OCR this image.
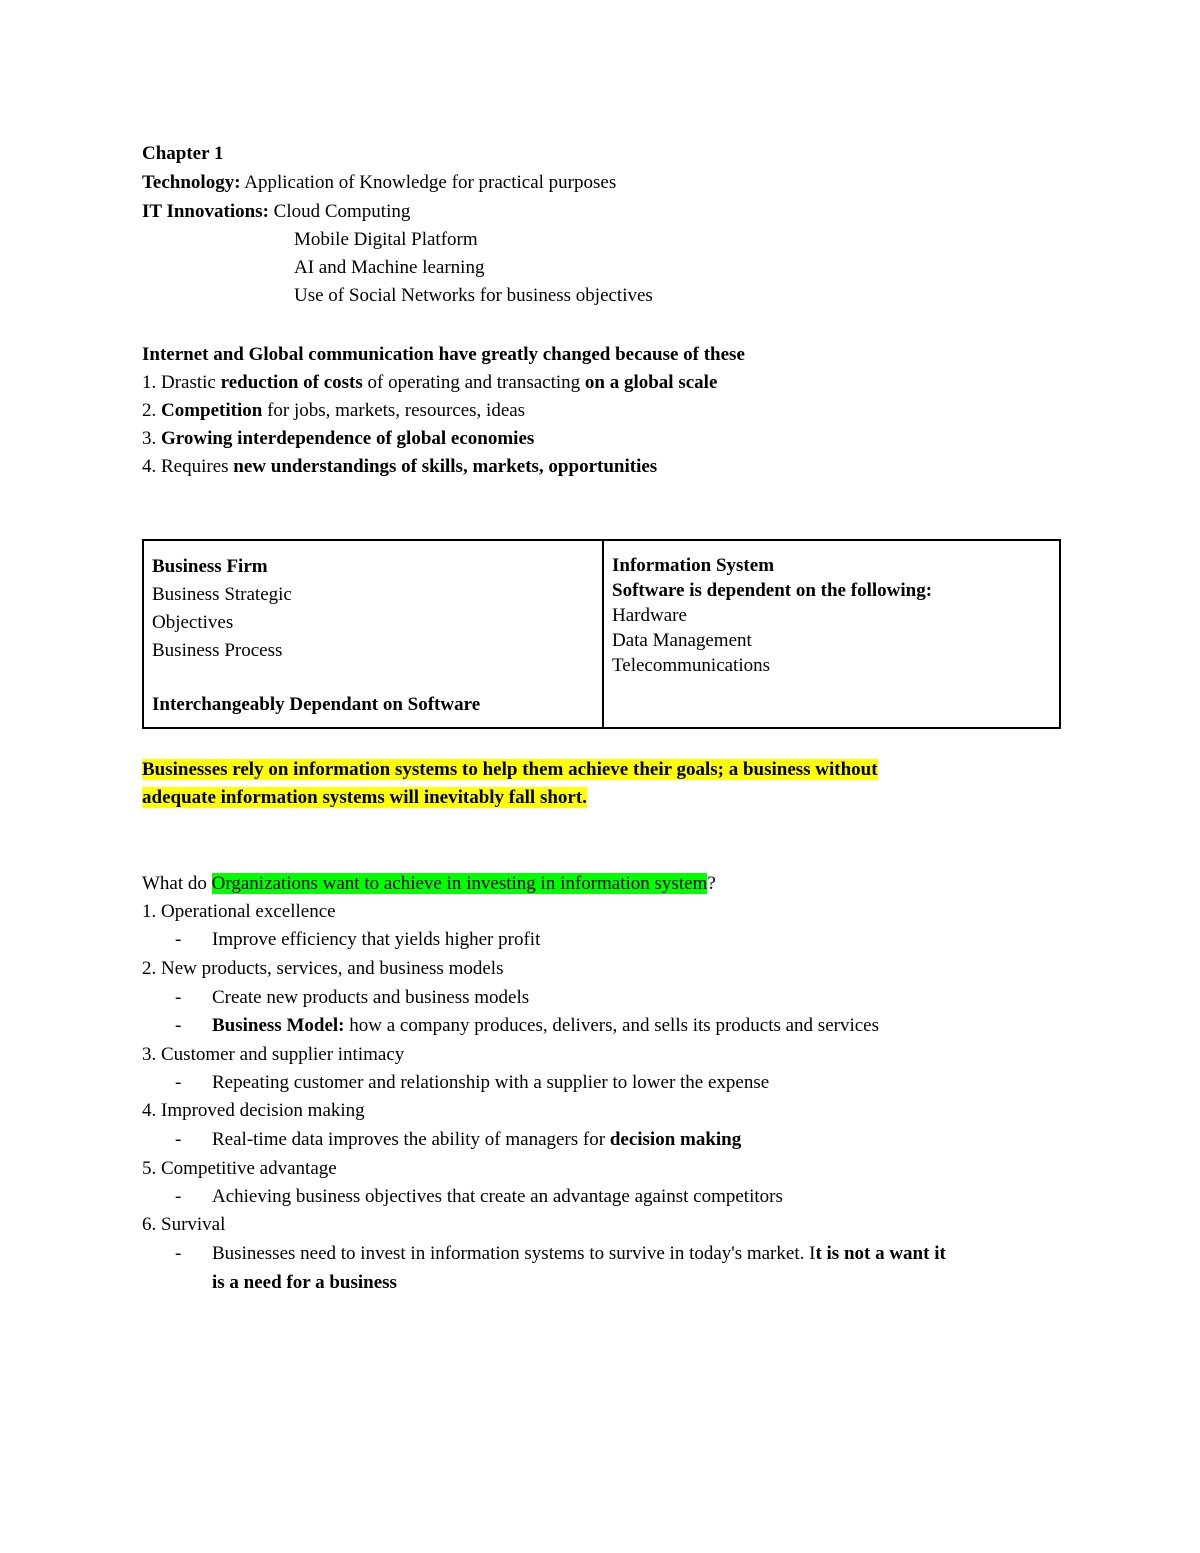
Chapter 1
Technology: Application of Knowledge for practical purposes
IT Innovations: Cloud Computing
Mobile Digital Platform
AI and Machine learning
Use of Social Networks for business objectives
Internet and Global communication have greatly changed because of these
1. Drastic reduction of costs of operating and transacting on a global scale
2. Competition for jobs, markets, resources, ideas
3. Growing interdependence of global economies
4. Requires new understandings of skills, markets, opportunities
Business Firm
Business Strategic
Objectives
Business Process
Interchangeably Dependant on Software

Information System
Software is dependent on the following:
Hardware
Data Management
Telecommunications
Businesses rely on information systems to help them achieve their goals; a business without
adequate information systems will inevitably fall short.
What do Organizations want to achieve in investing in information system?
1. Operational excellence
- Improve efficiency that yields higher profit
2. New products, services, and business models
- Create new products and business models
- Business Model: how a company produces, delivers, and sells its products and services
3. Customer and supplier intimacy
- Repeating customer and relationship with a supplier to lower the expense
4. Improved decision making
- Real-time data improves the ability of managers for decision making
5. Competitive advantage
- Achieving business objectives that create an advantage against competitors
6. Survival
- Businesses need to invest in information systems to survive in today's market. It is not a want it
is a need for a business
